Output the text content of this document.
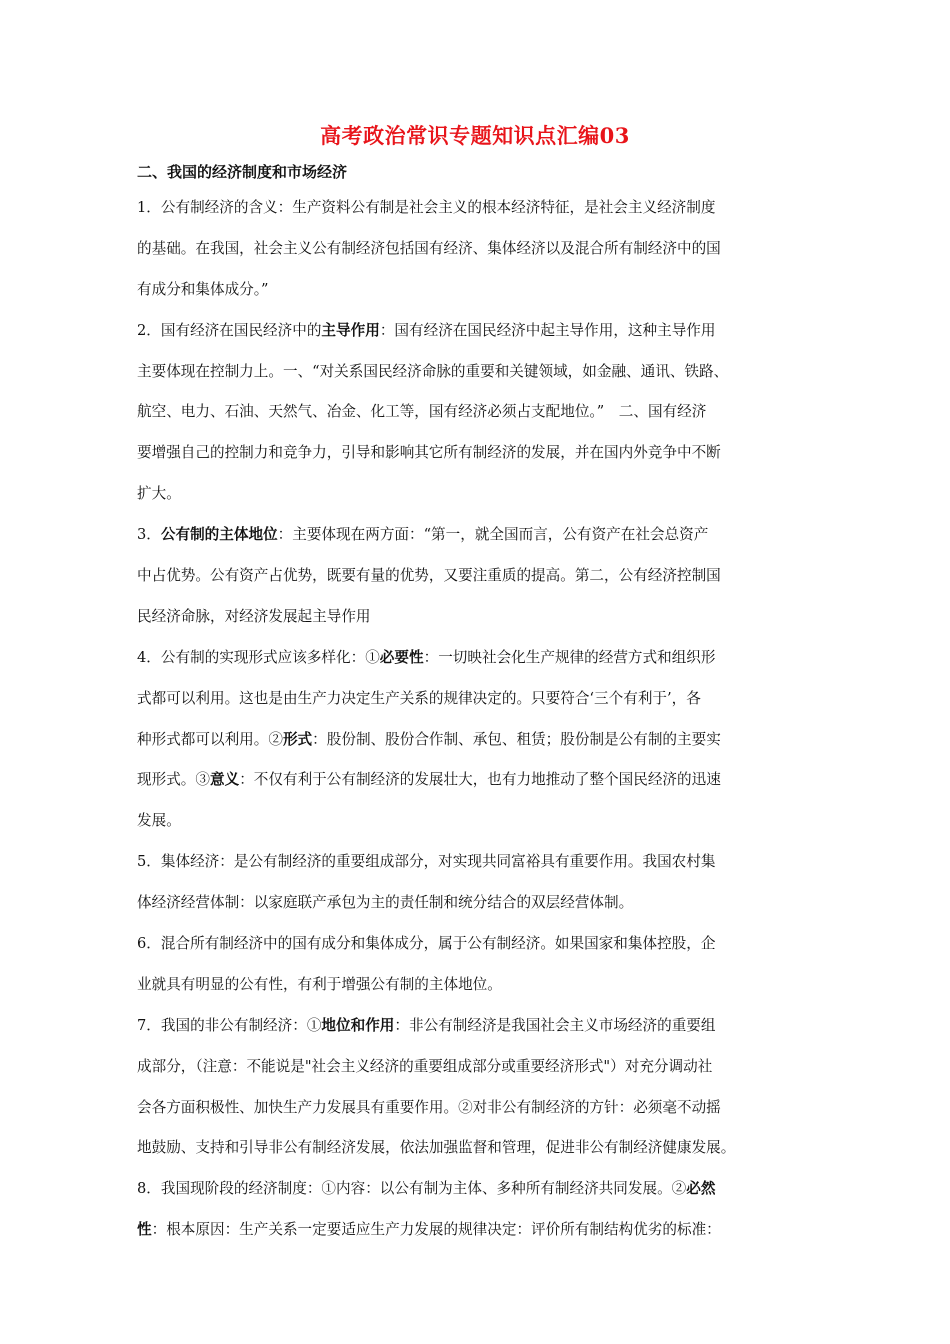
高考政治常识专题知识点汇编03
二、我国的经济制度和市场经济
1．公有制经济的含义：生产资料公有制是社会主义的根本经济特征，是社会主义经济制度
的基础。在我国，社会主义公有制经济包括国有经济、集体经济以及混合所有制经济中的国
有成分和集体成分。”
2．国有经济在国民经济中的主导作用：国有经济在国民经济中起主导作用，这种主导作用
主要体现在控制力上。一、“对关系国民经济命脉的重要和关键领域，如金融、通讯、铁路、
航空、电力、石油、天然气、冶金、化工等，国有经济必须占支配地位。”　二、国有经济
要增强自己的控制力和竞争力，引导和影响其它所有制经济的发展，并在国内外竞争中不断
扩大。
3．公有制的主体地位：主要体现在两方面：“第一，就全国而言，公有资产在社会总资产
中占优势。公有资产占优势，既要有量的优势，又要注重质的提高。第二，公有经济控制国
民经济命脉，对经济发展起主导作用
4．公有制的实现形式应该多样化：①必要性：一切映社会化生产规律的经营方式和组织形
式都可以利用。这也是由生产力决定生产关系的规律决定的。只要符合‘三个有利于’，各
种形式都可以利用。②形式：股份制、股份合作制、承包、租赁；股份制是公有制的主要实
现形式。③意义：不仅有利于公有制经济的发展壮大，也有力地推动了整个国民经济的迅速
发展。
5．集体经济：是公有制经济的重要组成部分，对实现共同富裕具有重要作用。我国农村集
体经济经营体制：以家庭联产承包为主的责任制和统分结合的双层经营体制。
6．混合所有制经济中的国有成分和集体成分，属于公有制经济。如果国家和集体控股，企
业就具有明显的公有性，有利于增强公有制的主体地位。
7．我国的非公有制经济：①地位和作用：非公有制经济是我国社会主义市场经济的重要组
成部分，（注意：不能说是"社会主义经济的重要组成部分或重要经济形式"）对充分调动社
会各方面积极性、加快生产力发展具有重要作用。②对非公有制经济的方针：必须毫不动摇
地鼓励、支持和引导非公有制经济发展，依法加强监督和管理，促进非公有制经济健康发展。
8．我国现阶段的经济制度：①内容：以公有制为主体、多种所有制经济共同发展。②必然
性：根本原因：生产关系一定要适应生产力发展的规律决定：评价所有制结构优劣的标准：
